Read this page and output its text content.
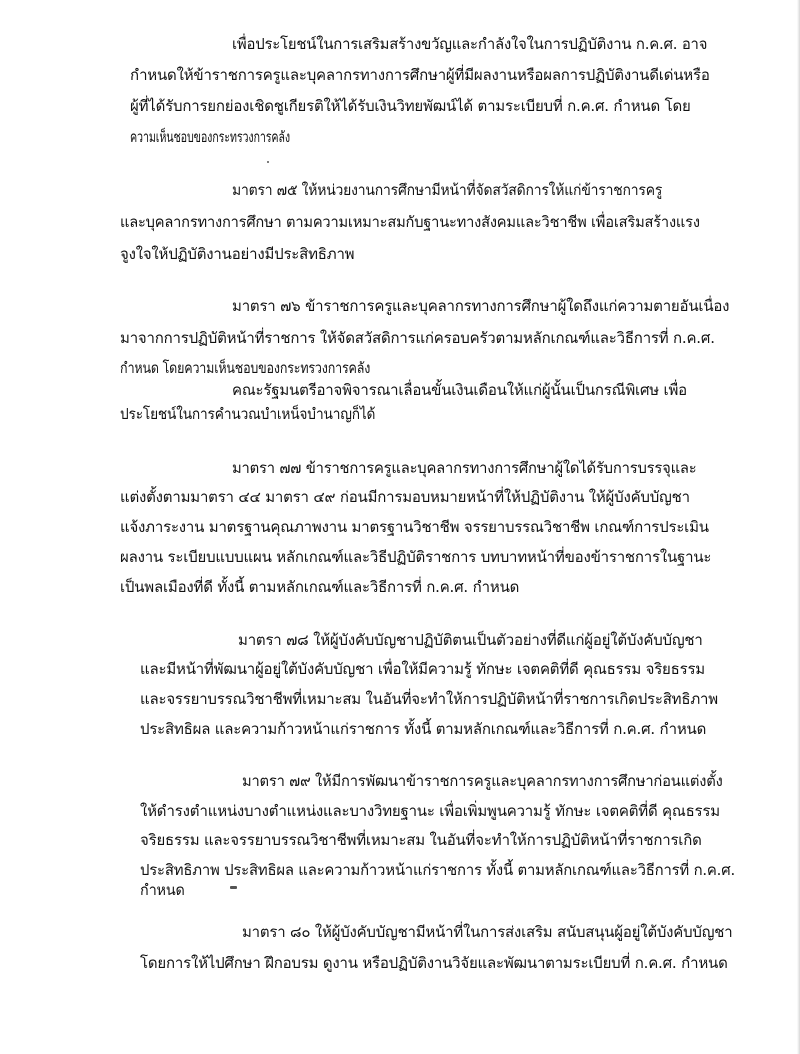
เพื่อประโยชน์ในการเสริมสร้างขวัญและกำลังใจในการปฏิบัติงาน ก.ค.ศ. อาจ
กำหนดให้ข้าราชการครูและบุคลากรทางการศึกษาผู้ที่มีผลงานหรือผลการปฏิบัติงานดีเด่นหรือ
ผู้ที่ได้รับการยกย่องเชิดชูเกียรติให้ได้รับเงินวิทยพัฒน์ได้ ตามระเบียบที่ ก.ค.ศ. กำหนด โดย
ความเห็นชอบของกระทรวงการคลัง
มาตรา ๗๕ ให้หน่วยงานการศึกษามีหน้าที่จัดสวัสดิการให้แก่ข้าราชการครู
และบุคลากรทางการศึกษา ตามความเหมาะสมกับฐานะทางสังคมและวิชาชีพ เพื่อเสริมสร้างแรง
จูงใจให้ปฏิบัติงานอย่างมีประสิทธิภาพ
มาตรา ๗๖ ข้าราชการครูและบุคลากรทางการศึกษาผู้ใดถึงแก่ความตายอันเนื่อง
มาจากการปฏิบัติหน้าที่ราชการ ให้จัดสวัสดิการแก่ครอบครัวตามหลักเกณฑ์และวิธีการที่ ก.ค.ศ.
กำหนด โดยความเห็นชอบของกระทรวงการคลัง
คณะรัฐมนตรีอาจพิจารณาเลื่อนขั้นเงินเดือนให้แก่ผู้นั้นเป็นกรณีพิเศษ เพื่อ
ประโยชน์ในการคำนวณบำเหน็จบำนาญก็ได้
มาตรา ๗๗ ข้าราชการครูและบุคลากรทางการศึกษาผู้ใดได้รับการบรรจุและ
แต่งตั้งตามมาตรา ๔๔ มาตรา ๔๙ ก่อนมีการมอบหมายหน้าที่ให้ปฏิบัติงาน ให้ผู้บังคับบัญชา
แจ้งภาระงาน มาตรฐานคุณภาพงาน มาตรฐานวิชาชีพ จรรยาบรรณวิชาชีพ เกณฑ์การประเมิน
ผลงาน ระเบียบแบบแผน หลักเกณฑ์และวิธีปฏิบัติราชการ บทบาทหน้าที่ของข้าราชการในฐานะ
เป็นพลเมืองที่ดี ทั้งนี้ ตามหลักเกณฑ์และวิธีการที่ ก.ค.ศ. กำหนด
มาตรา ๗๘ ให้ผู้บังคับบัญชาปฏิบัติตนเป็นตัวอย่างที่ดีแก่ผู้อยู่ใต้บังคับบัญชา
และมีหน้าที่พัฒนาผู้อยู่ใต้บังคับบัญชา เพื่อให้มีความรู้ ทักษะ เจตคติที่ดี คุณธรรม จริยธรรม
และจรรยาบรรณวิชาชีพที่เหมาะสม ในอันที่จะทำให้การปฏิบัติหน้าที่ราชการเกิดประสิทธิภาพ
ประสิทธิผล และความก้าวหน้าแก่ราชการ ทั้งนี้ ตามหลักเกณฑ์และวิธีการที่ ก.ค.ศ. กำหนด
มาตรา ๗๙ ให้มีการพัฒนาข้าราชการครูและบุคลากรทางการศึกษาก่อนแต่งตั้ง
ให้ดำรงตำแหน่งบางตำแหน่งและบางวิทยฐานะ เพื่อเพิ่มพูนความรู้ ทักษะ เจตคติที่ดี คุณธรรม
จริยธรรม และจรรยาบรรณวิชาชีพที่เหมาะสม ในอันที่จะทำให้การปฏิบัติหน้าที่ราชการเกิด
ประสิทธิภาพ ประสิทธิผล และความก้าวหน้าแก่ราชการ ทั้งนี้ ตามหลักเกณฑ์และวิธีการที่ ก.ค.ศ.
กำหนด
มาตรา ๘๐ ให้ผู้บังคับบัญชามีหน้าที่ในการส่งเสริม สนับสนุนผู้อยู่ใต้บังคับบัญชา
โดยการให้ไปศึกษา ฝึกอบรม ดูงาน หรือปฏิบัติงานวิจัยและพัฒนาตามระเบียบที่ ก.ค.ศ. กำหนด
